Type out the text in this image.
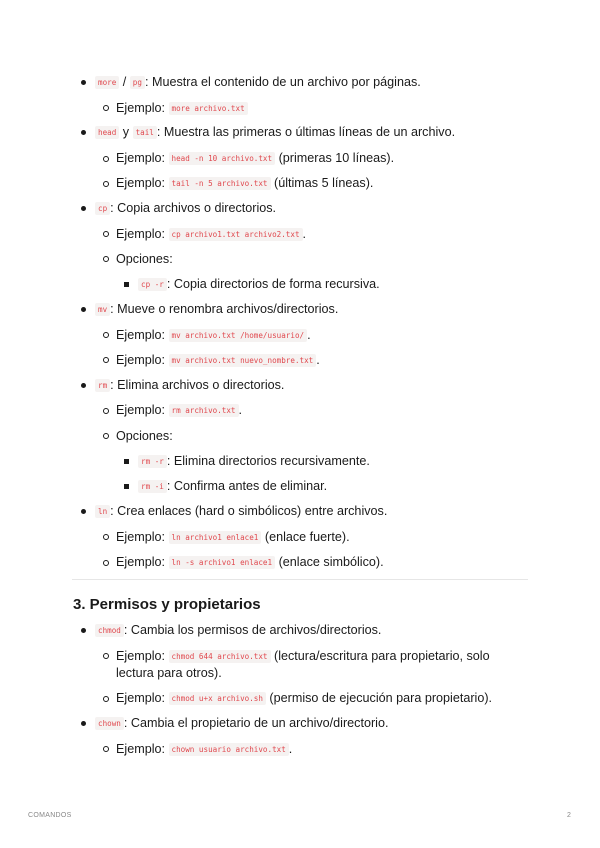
more / pg : Muestra el contenido de un archivo por páginas.
Ejemplo: more archivo.txt
head y tail : Muestra las primeras o últimas líneas de un archivo.
Ejemplo: head -n 10 archivo.txt (primeras 10 líneas).
Ejemplo: tail -n 5 archivo.txt (últimas 5 líneas).
cp : Copia archivos o directorios.
Ejemplo: cp archivo1.txt archivo2.txt .
Opciones:
cp -r : Copia directorios de forma recursiva.
mv : Mueve o renombra archivos/directorios.
Ejemplo: mv archivo.txt /home/usuario/ .
Ejemplo: mv archivo.txt nuevo_nombre.txt .
rm : Elimina archivos o directorios.
Ejemplo: rm archivo.txt .
Opciones:
rm -r : Elimina directorios recursivamente.
rm -i : Confirma antes de eliminar.
ln : Crea enlaces (hard o simbólicos) entre archivos.
Ejemplo: ln archivo1 enlace1 (enlace fuerte).
Ejemplo: ln -s archivo1 enlace1 (enlace simbólico).
3. Permisos y propietarios
chmod : Cambia los permisos de archivos/directorios.
Ejemplo: chmod 644 archivo.txt (lectura/escritura para propietario, solo
lectura para otros).
Ejemplo: chmod u+x archivo.sh (permiso de ejecución para propietario).
chown : Cambia el propietario de un archivo/directorio.
Ejemplo: chown usuario archivo.txt .
COMANDOS	2
